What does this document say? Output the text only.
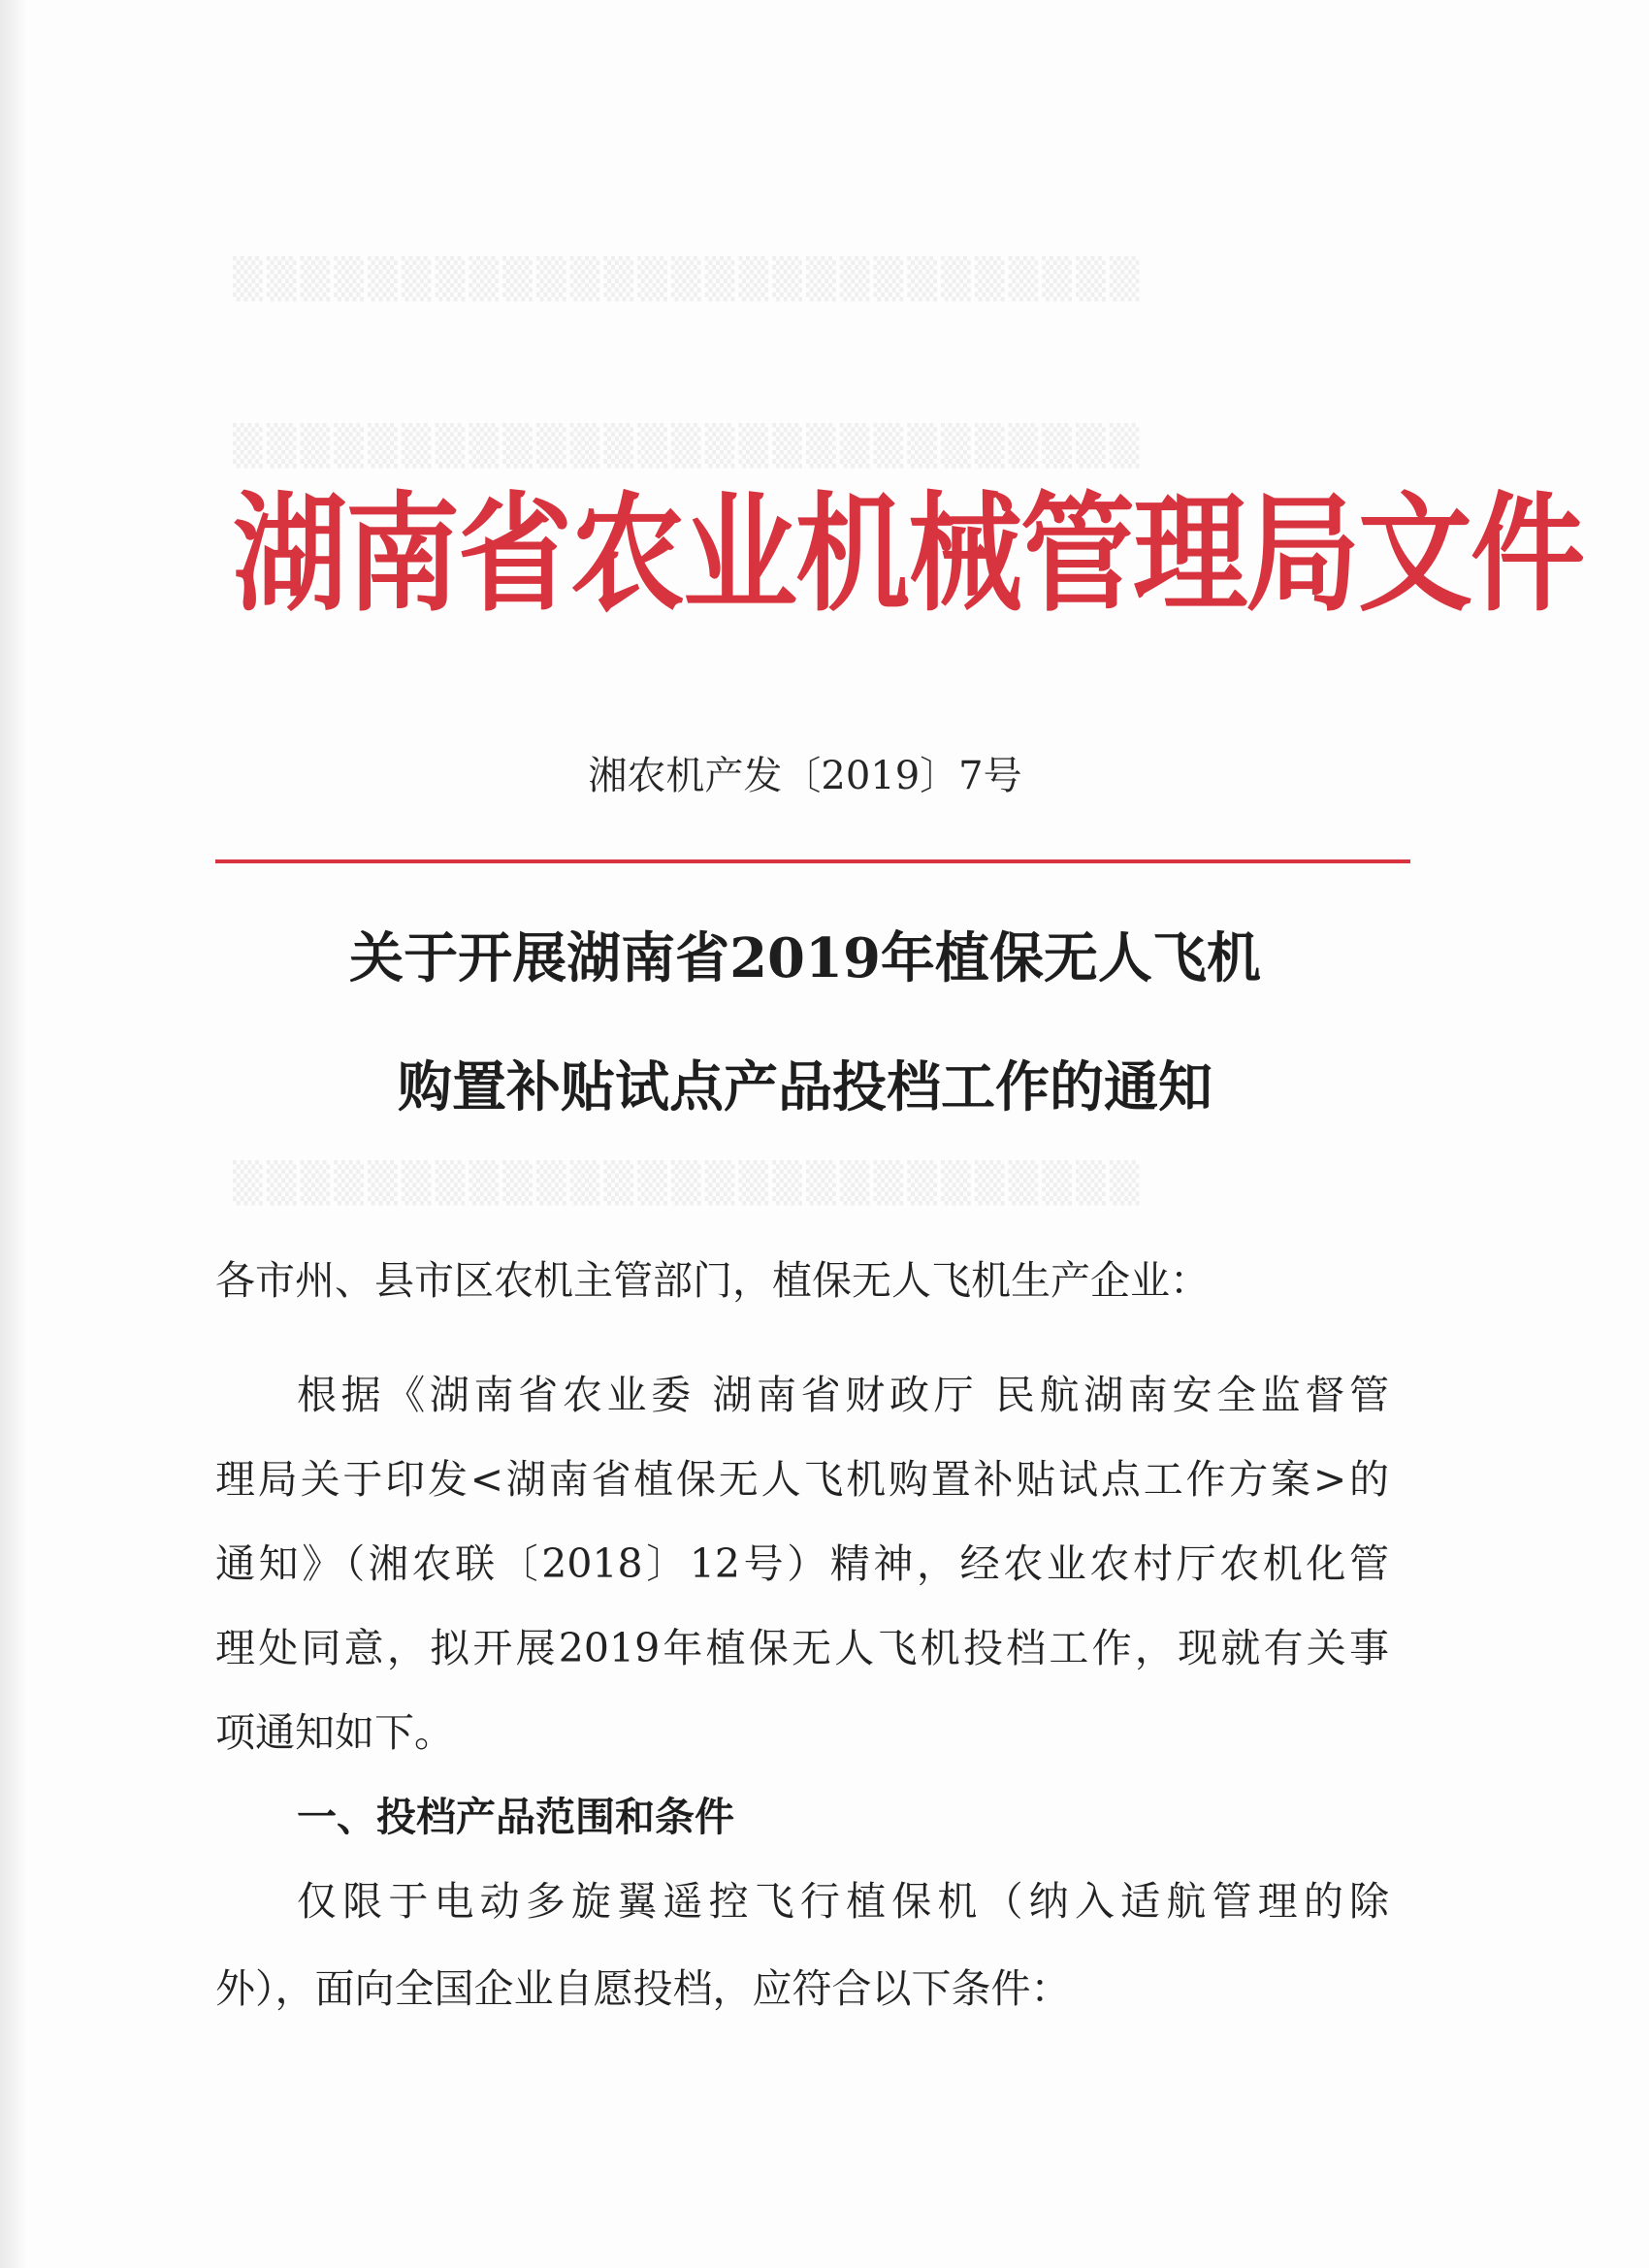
▒▒▒▒▒▒▒▒▒▒▒▒▒▒▒▒▒▒▒▒▒▒▒▒▒▒▒
▒▒▒▒▒▒▒▒▒▒▒▒▒▒▒▒▒▒▒▒▒▒▒▒▒▒▒
▒▒▒▒▒▒▒▒▒▒▒▒▒▒▒▒▒▒▒▒▒▒▒▒▒▒▒
湖南省农业机械管理局文件
湘农机产发〔2019〕7号
关于开展湖南省2019年植保无人飞机
购置补贴试点产品投档工作的通知
各市州、县市区农机主管部门，植保无人飞机生产企业：
根据《湖南省农业委 湖南省财政厅 民航湖南安全监督管
理局关于印发<湖南省植保无人飞机购置补贴试点工作方案>的
通知》（湘农联〔2018〕12号）精神，经农业农村厅农机化管
理处同意，拟开展2019年植保无人飞机投档工作，现就有关事
项通知如下。
一、投档产品范围和条件
仅限于电动多旋翼遥控飞行植保机（纳入适航管理的除
外），面向全国企业自愿投档，应符合以下条件：
